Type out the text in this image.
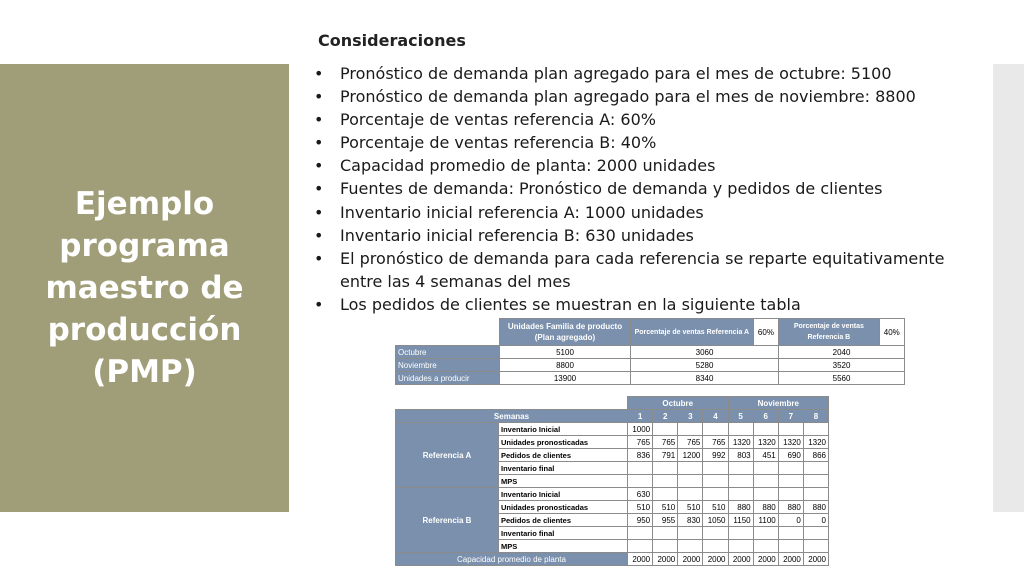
Ejemplo programa maestro de producción (PMP)

Consideraciones

• Pronóstico de demanda plan agregado para el mes de octubre: 5100
• Pronóstico de demanda plan agregado para el mes de noviembre: 8800
• Porcentaje de ventas referencia A: 60%
• Porcentaje de ventas referencia B: 40%
• Capacidad promedio de planta: 2000 unidades
• Fuentes de demanda: Pronóstico de demanda y pedidos de clientes
• Inventario inicial referencia A: 1000 unidades
• Inventario inicial referencia B: 630 unidades
• El pronóstico de demanda para cada referencia se reparte equitativamente entre las 4 semanas del mes
• Los pedidos de clientes se muestran en la siguiente tabla
	Unidades Familia de producto (Plan agregado)	Porcentaje de ventas Referencia A	60%	Porcentaje de ventas Referencia B	40%
Octubre	5100	3060		2040	
Noviembre	8800	5280		3520	
Unidades a producir	13900	8340		5560	
		Octubre				Noviembre			
Semanas		1	2	3	4	5	6	7	8
Referencia A	Inventario Inicial	1000							
	Unidades pronosticadas	765	765	765	765	1320	1320	1320	1320
	Pedidos de clientes	836	791	1200	992	803	451	690	866
	Inventario final								
	MPS								
Referencia B	Inventario Inicial	630							
	Unidades pronosticadas	510	510	510	510	880	880	880	880
	Pedidos de clientes	950	955	830	1050	1150	1100	0	0
	Inventario final								
	MPS								
Capacidad promedio de planta		2000	2000	2000	2000	2000	2000	2000	2000
